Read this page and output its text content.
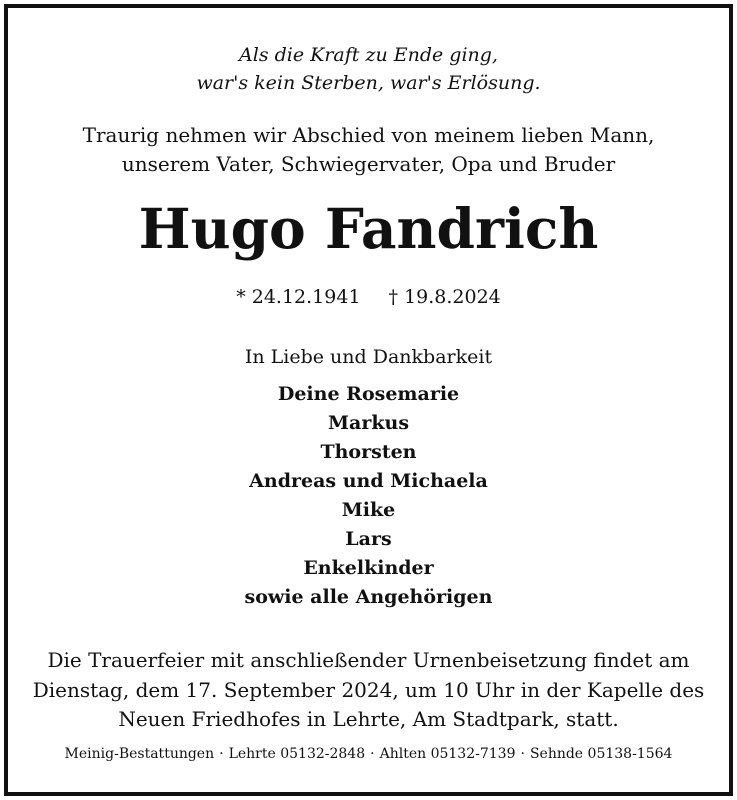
Als die Kraft zu Ende ging,
war's kein Sterben, war's Erlösung.
Traurig nehmen wir Abschied von meinem lieben Mann,
unserem Vater, Schwiegervater, Opa und Bruder
Hugo Fandrich
* 24.12.1941 † 19.8.2024
In Liebe und Dankbarkeit
Deine Rosemarie
Markus
Thorsten
Andreas und Michaela
Mike
Lars
Enkelkinder
sowie alle Angehörigen
Die Trauerfeier mit anschließender Urnenbeisetzung findet am
Dienstag, dem 17. September 2024, um 10 Uhr in der Kapelle des
Neuen Friedhofes in Lehrte, Am Stadtpark, statt.
Meinig-Bestattungen · Lehrte 05132-2848 · Ahlten 05132-7139 · Sehnde 05138-1564
